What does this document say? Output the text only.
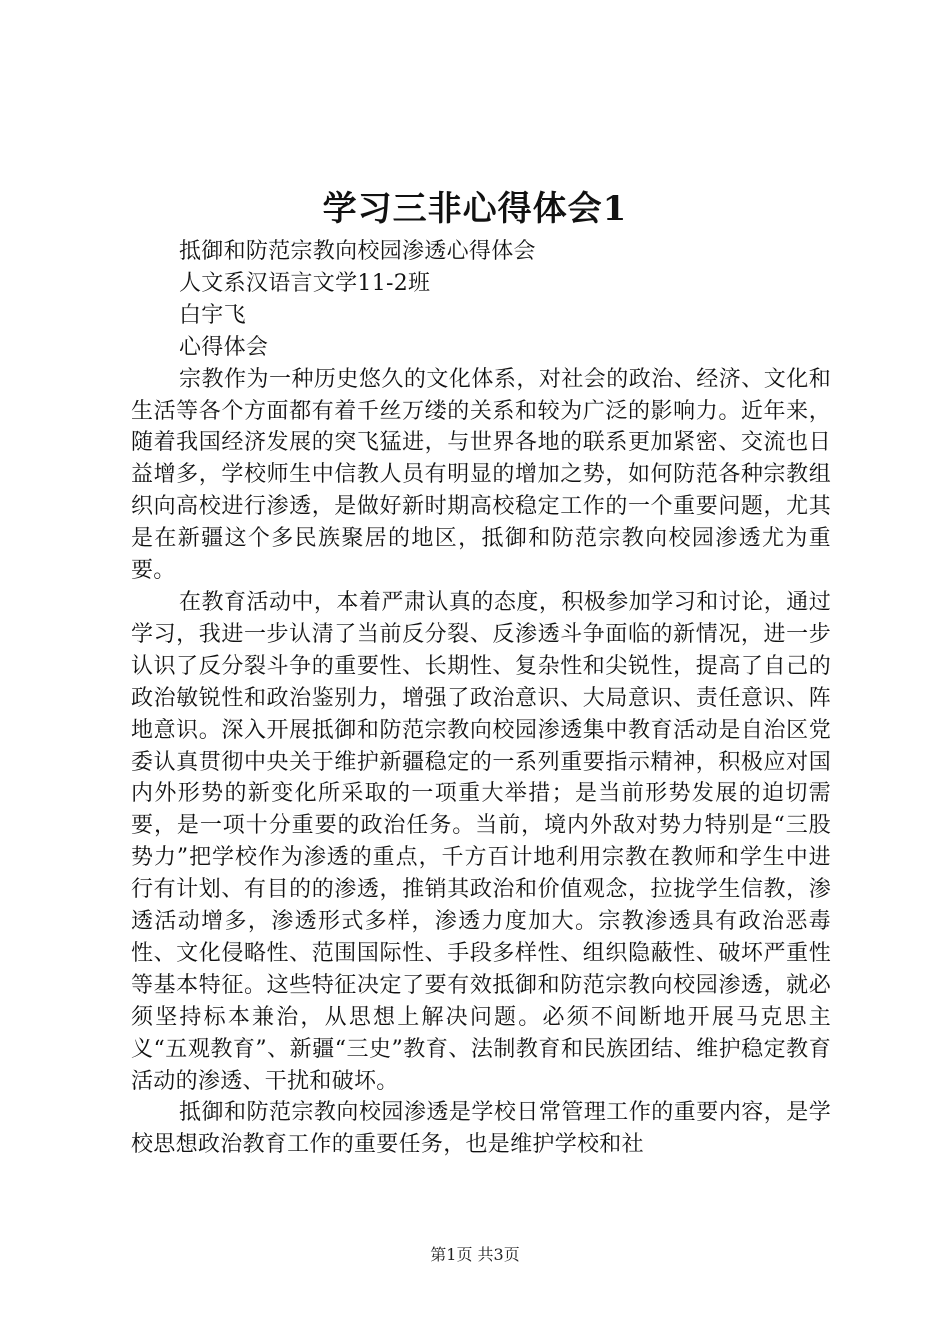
学习三非心得体会1

抵御和防范宗教向校园渗透心得体会

人文系汉语言文学11-2班

白宇飞

心得体会

宗教作为一种历史悠久的文化体系，对社会的政治、经济、文化和生活等各个方面都有着千丝万缕的关系和较为广泛的影响力。近年来，随着我国经济发展的突飞猛进，与世界各地的联系更加紧密、交流也日益增多，学校师生中信教人员有明显的增加之势，如何防范各种宗教组织向高校进行渗透，是做好新时期高校稳定工作的一个重要问题，尤其是在新疆这个多民族聚居的地区，抵御和防范宗教向校园渗透尤为重要。

在教育活动中，本着严肃认真的态度，积极参加学习和讨论，通过学习，我进一步认清了当前反分裂、反渗透斗争面临的新情况，进一步认识了反分裂斗争的重要性、长期性、复杂性和尖锐性，提高了自己的政治敏锐性和政治鉴别力，增强了政治意识、大局意识、责任意识、阵地意识。深入开展抵御和防范宗教向校园渗透集中教育活动是自治区党委认真贯彻中央关于维护新疆稳定的一系列重要指示精神，积极应对国内外形势的新变化所采取的一项重大举措；是当前形势发展的迫切需要，是一项十分重要的政治任务。当前，境内外敌对势力特别是“三股势力”把学校作为渗透的重点，千方百计地利用宗教在教师和学生中进行有计划、有目的的渗透，推销其政治和价值观念，拉拢学生信教，渗透活动增多，渗透形式多样，渗透力度加大。宗教渗透具有政治恶毒性、文化侵略性、范围国际性、手段多样性、组织隐蔽性、破坏严重性等基本特征。这些特征决定了要有效抵御和防范宗教向校园渗透，就必须坚持标本兼治，从思想上解决问题。必须不间断地开展马克思主义“五观教育”、新疆“三史”教育、法制教育和民族团结、维护稳定教育活动的渗透、干扰和破坏。

抵御和防范宗教向校园渗透是学校日常管理工作的重要内容，是学校思想政治教育工作的重要任务，也是维护学校和社

第1页 共3页
